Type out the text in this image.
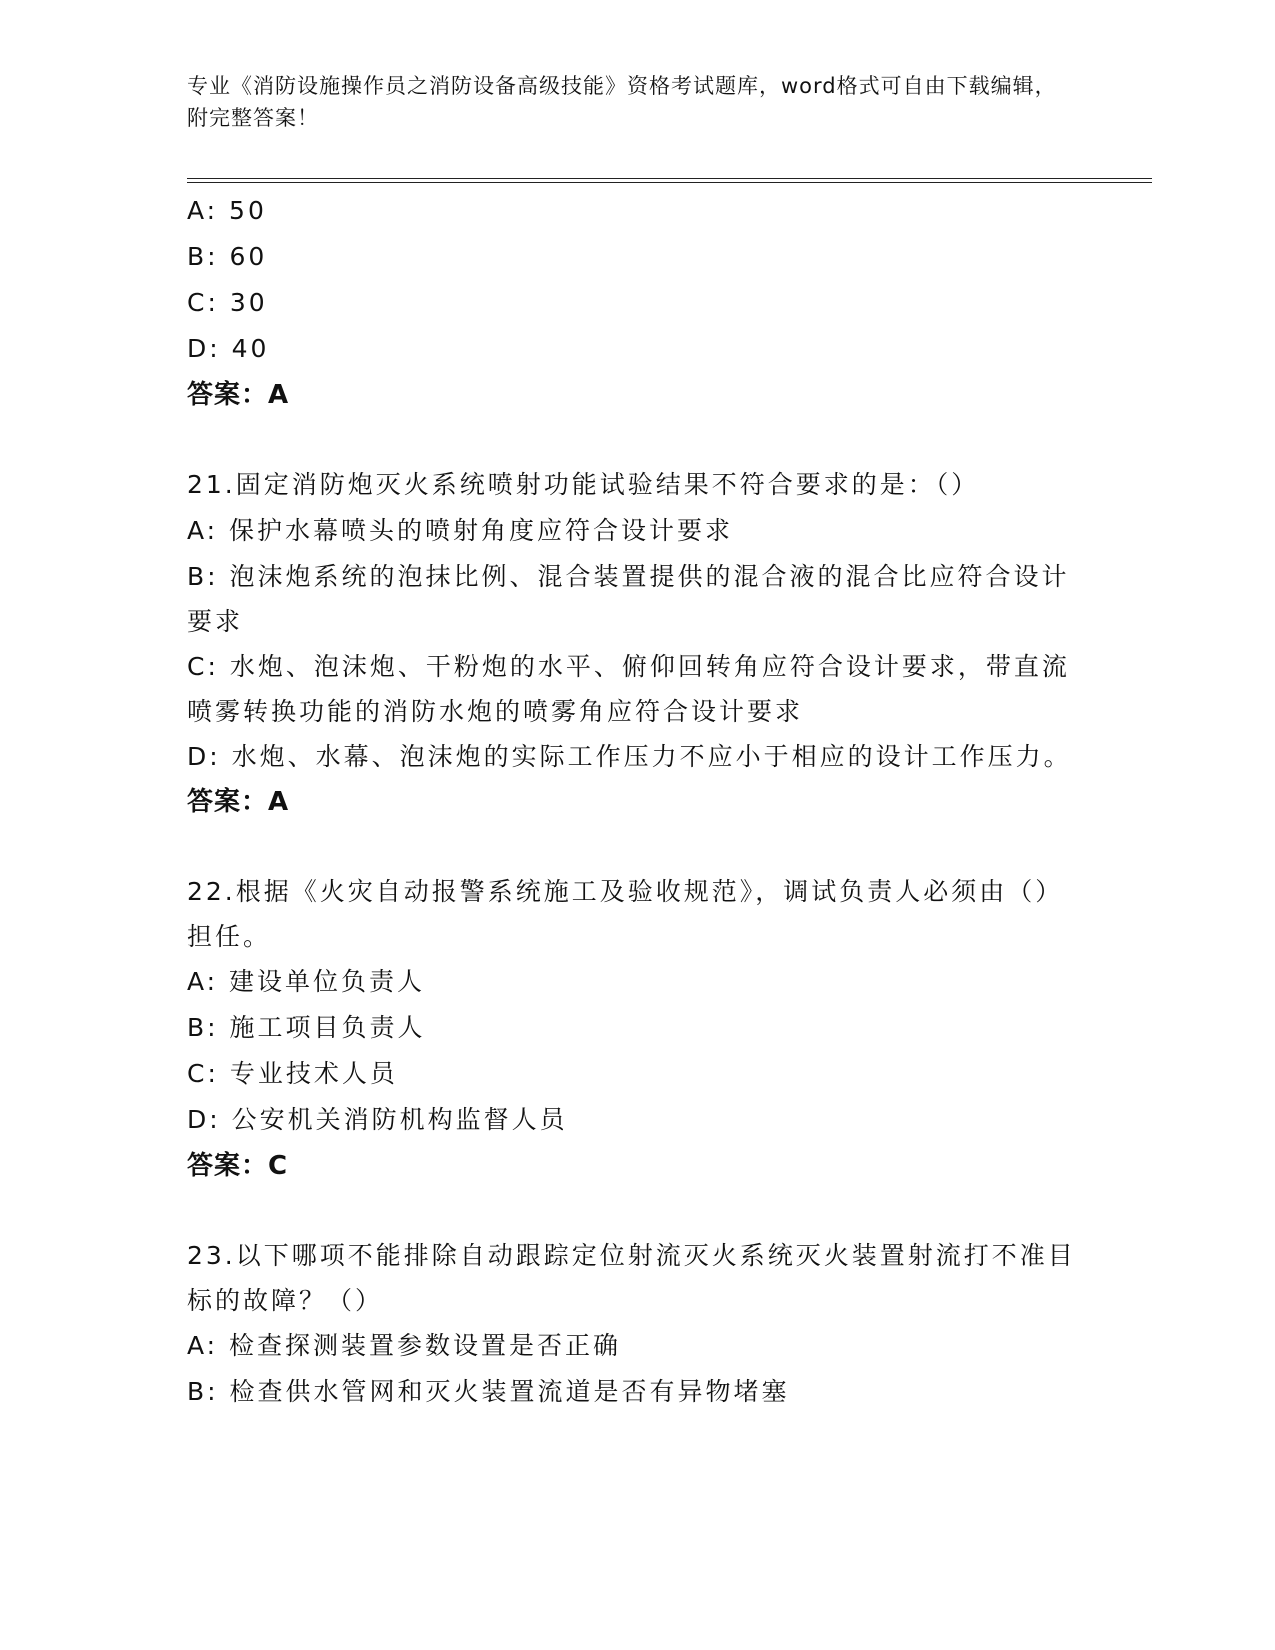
专业《消防设施操作员之消防设备高级技能》资格考试题库，word格式可自由下载编辑，附完整答案！

A: 50

B: 60

C: 30

D: 40

答案：A

21.固定消防炮灭火系统喷射功能试验结果不符合要求的是：（）

A: 保护水幕喷头的喷射角度应符合设计要求

B: 泡沫炮系统的泡抹比例、混合装置提供的混合液的混合比应符合设计要求

C: 水炮、泡沫炮、干粉炮的水平、俯仰回转角应符合设计要求，带直流喷雾转换功能的消防水炮的喷雾角应符合设计要求

D: 水炮、水幕、泡沫炮的实际工作压力不应小于相应的设计工作压力。

答案：A

22.根据《火灾自动报警系统施工及验收规范》，调试负责人必须由（）担任。

A: 建设单位负责人

B: 施工项目负责人

C: 专业技术人员

D: 公安机关消防机构监督人员

答案：C

23.以下哪项不能排除自动跟踪定位射流灭火系统灭火装置射流打不准目标的故障？（）

A: 检查探测装置参数设置是否正确

B: 检查供水管网和灭火装置流道是否有异物堵塞
